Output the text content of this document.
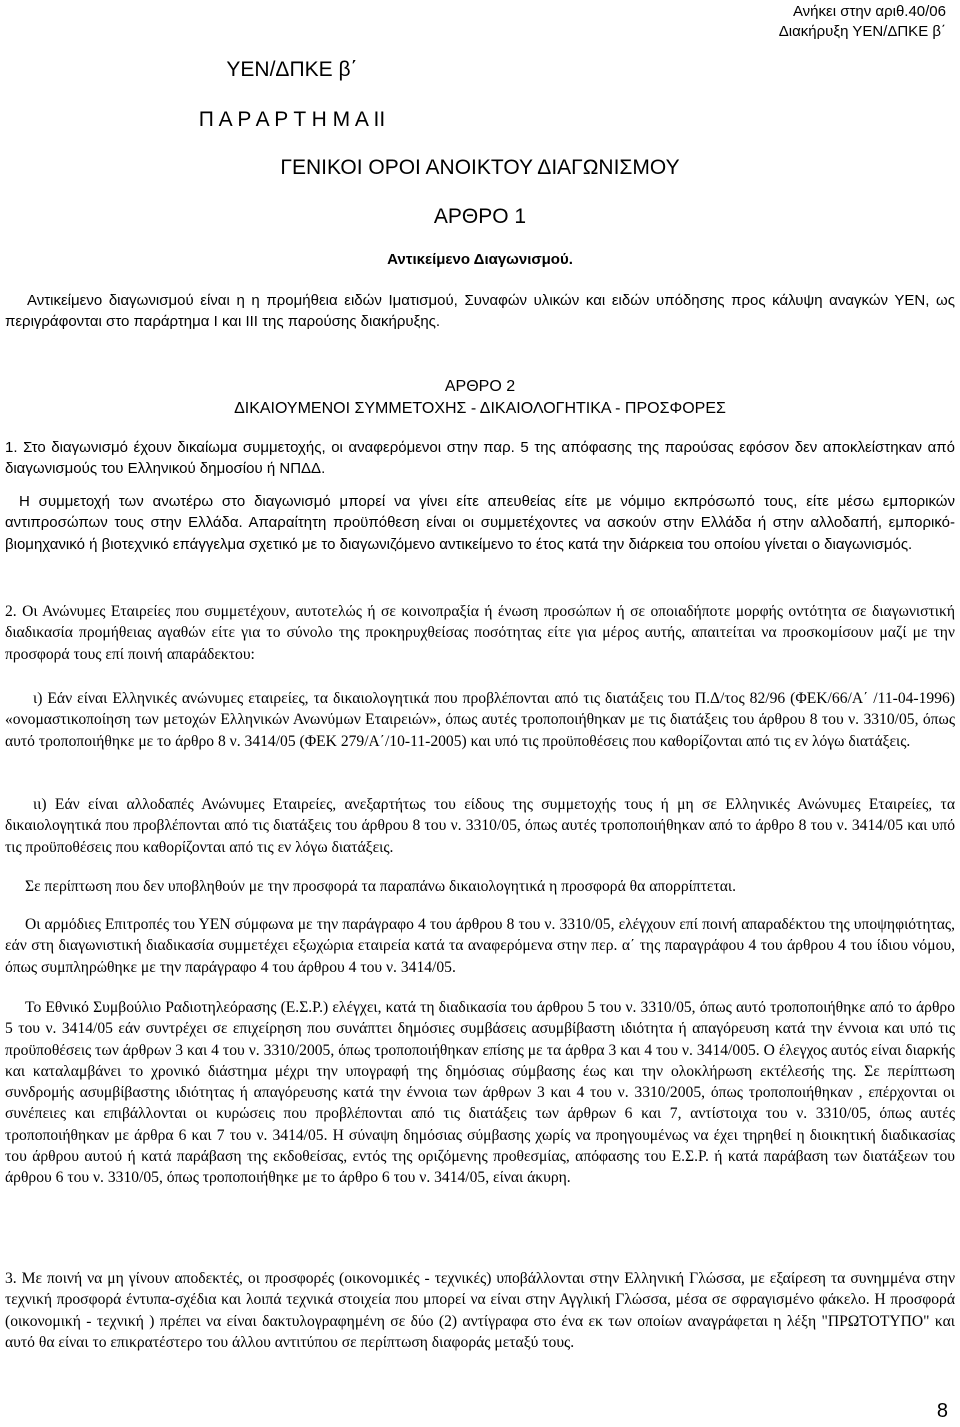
Ανήκει στην αριθ.40/06
Διακήρυξη ΥΕΝ/ΔΠΚΕ β΄
ΥΕΝ/ΔΠΚΕ β΄
Π Α Ρ Α Ρ Τ Η Μ Α ΙΙ
ΓΕΝΙΚΟΙ ΟΡΟΙ ΑΝΟΙΚΤΟΥ ΔΙΑΓΩΝΙΣΜΟΥ
ΑΡΘΡΟ 1
Αντικείμενο Διαγωνισμού.
Αντικείμενο διαγωνισμού είναι η η προμήθεια ειδών Ιματισμού, Συναφών υλικών και ειδών υπόδησης προς κάλυψη αναγκών ΥΕΝ, ως περιγράφονται στο παράρτημα Ι και ΙΙΙ της παρούσης διακήρυξης.
ΑΡΘΡΟ 2
ΔΙΚΑΙΟΥΜΕΝΟΙ ΣΥΜΜΕΤΟΧΗΣ - ΔΙΚΑΙΟΛΟΓΗΤΙΚΑ - ΠΡΟΣΦΟΡΕΣ
1. Στο διαγωνισμό έχουν δικαίωμα συμμετοχής, οι αναφερόμενοι στην παρ. 5 της απόφασης της παρούσας εφόσον δεν αποκλείστηκαν από διαγωνισμούς του Ελληνικού δημοσίου ή ΝΠΔΔ.
Η συμμετοχή των ανωτέρω στο διαγωνισμό μπορεί να γίνει είτε απευθείας είτε με νόμιμο εκπρόσωπό τους, είτε μέσω εμπορικών αντιπροσώπων τους στην Ελλάδα. Απαραίτητη προϋπόθεση είναι οι συμμετέχοντες να ασκούν στην Ελλάδα ή στην αλλοδαπή, εμπορικό-βιομηχανικό ή βιοτεχνικό επάγγελμα σχετικό με το διαγωνιζόμενο αντικείμενο το έτος κατά την διάρκεια του οποίου γίνεται ο διαγωνισμός.
2. Οι Ανώνυμες Εταιρείες που συμμετέχουν, αυτοτελώς ή σε κοινοπραξία ή ένωση προσώπων ή σε οποιαδήποτε μορφής οντότητα σε διαγωνιστική διαδικασία προμήθειας αγαθών είτε για το σύνολο της προκηρυχθείσας ποσότητας είτε για μέρος αυτής, απαιτείται να προσκομίσουν μαζί με την προσφορά τους επί ποινή απαράδεκτου:
ι) Εάν είναι Ελληνικές ανώνυμες εταιρείες, τα δικαιολογητικά που προβλέπονται από τις διατάξεις του Π.Δ/τος 82/96 (ΦΕΚ/66/Α΄ /11-04-1996) «ονομαστικοποίηση των μετοχών Ελληνικών Ανωνύμων Εταιρειών», όπως αυτές τροποποιήθηκαν με τις διατάξεις του άρθρου 8 του ν. 3310/05, όπως αυτό τροποποιήθηκε με το άρθρο 8 ν. 3414/05 (ΦΕΚ 279/Α΄/10-11-2005) και υπό τις προϋποθέσεις που καθορίζονται από τις εν λόγω διατάξεις.
ιι) Εάν είναι αλλοδαπές Ανώνυμες Εταιρείες, ανεξαρτήτως του είδους της συμμετοχής τους ή μη σε Ελληνικές Ανώνυμες Εταιρείες, τα δικαιολογητικά που προβλέπονται από τις διατάξεις του άρθρου 8 του ν. 3310/05, όπως αυτές τροποποιήθηκαν από το άρθρο 8 του ν. 3414/05 και υπό τις προϋποθέσεις που καθορίζονται από τις εν λόγω διατάξεις.
Σε περίπτωση που δεν υποβληθούν με την προσφορά τα παραπάνω δικαιολογητικά η προσφορά θα απορρίπτεται.
Οι αρμόδιες Επιτροπές του ΥΕΝ σύμφωνα με την παράγραφο 4 του άρθρου 8 του ν. 3310/05, ελέγχουν επί ποινή απαραδέκτου της υποψηφιότητας, εάν στη διαγωνιστική διαδικασία συμμετέχει εξωχώρια εταιρεία κατά τα αναφερόμενα στην περ. α΄ της παραγράφου 4 του άρθρου 4 του ίδιου νόμου, όπως συμπληρώθηκε με την παράγραφο 4 του άρθρου 4 του ν. 3414/05.
Το Εθνικό Συμβούλιο Ραδιοτηλεόρασης (Ε.Σ.Ρ.) ελέγχει, κατά τη διαδικασία του άρθρου 5 του ν. 3310/05, όπως αυτό τροποποιήθηκε από το άρθρο 5 του ν. 3414/05 εάν συντρέχει σε επιχείρηση που συνάπτει δημόσιες συμβάσεις ασυμβίβαστη ιδιότητα ή απαγόρευση κατά την έννοια και υπό τις προϋποθέσεις των άρθρων 3 και 4 του ν. 3310/2005, όπως τροποποιήθηκαν επίσης με τα άρθρα 3 και 4 του ν. 3414/005. Ο έλεγχος αυτός είναι διαρκής και καταλαμβάνει το χρονικό διάστημα μέχρι την υπογραφή της δημόσιας σύμβασης έως και την ολοκλήρωση εκτέλεσής της. Σε περίπτωση συνδρομής ασυμβίβαστης ιδιότητας ή απαγόρευσης κατά την έννοια των άρθρων 3 και 4 του ν. 3310/2005, όπως τροποποιήθηκαν , επέρχονται οι συνέπειες και επιβάλλονται οι κυρώσεις που προβλέπονται από τις διατάξεις των άρθρων 6 και 7, αντίστοιχα του ν. 3310/05, όπως αυτές τροποποιήθηκαν με άρθρα 6 και 7 του ν. 3414/05. Η σύναψη δημόσιας σύμβασης χωρίς να προηγουμένως να έχει τηρηθεί η διοικητική διαδικασίας του άρθρου αυτού ή κατά παράβαση της εκδοθείσας, εντός της οριζόμενης προθεσμίας, απόφασης του Ε.Σ.Ρ. ή κατά παράβαση των διατάξεων του άρθρου 6 του ν. 3310/05, όπως τροποποιήθηκε με το άρθρο 6 του ν. 3414/05, είναι άκυρη.
3. Με ποινή να μη γίνουν αποδεκτές, οι προσφορές (οικονομικές - τεχνικές) υποβάλλονται στην Ελληνική Γλώσσα, με εξαίρεση τα συνημμένα στην τεχνική προσφορά έντυπα-σχέδια και λοιπά τεχνικά στοιχεία που μπορεί να είναι στην Αγγλική Γλώσσα, μέσα σε σφραγισμένο φάκελο. Η προσφορά (οικονομική - τεχνική ) πρέπει να είναι δακτυλογραφημένη σε δύο (2) αντίγραφα στο ένα εκ των οποίων αναγράφεται η λέξη "ΠΡΩΤΟΤΥΠΟ" και αυτό θα είναι το επικρατέστερο του άλλου αντιτύπου σε περίπτωση διαφοράς μεταξύ τους.
8
